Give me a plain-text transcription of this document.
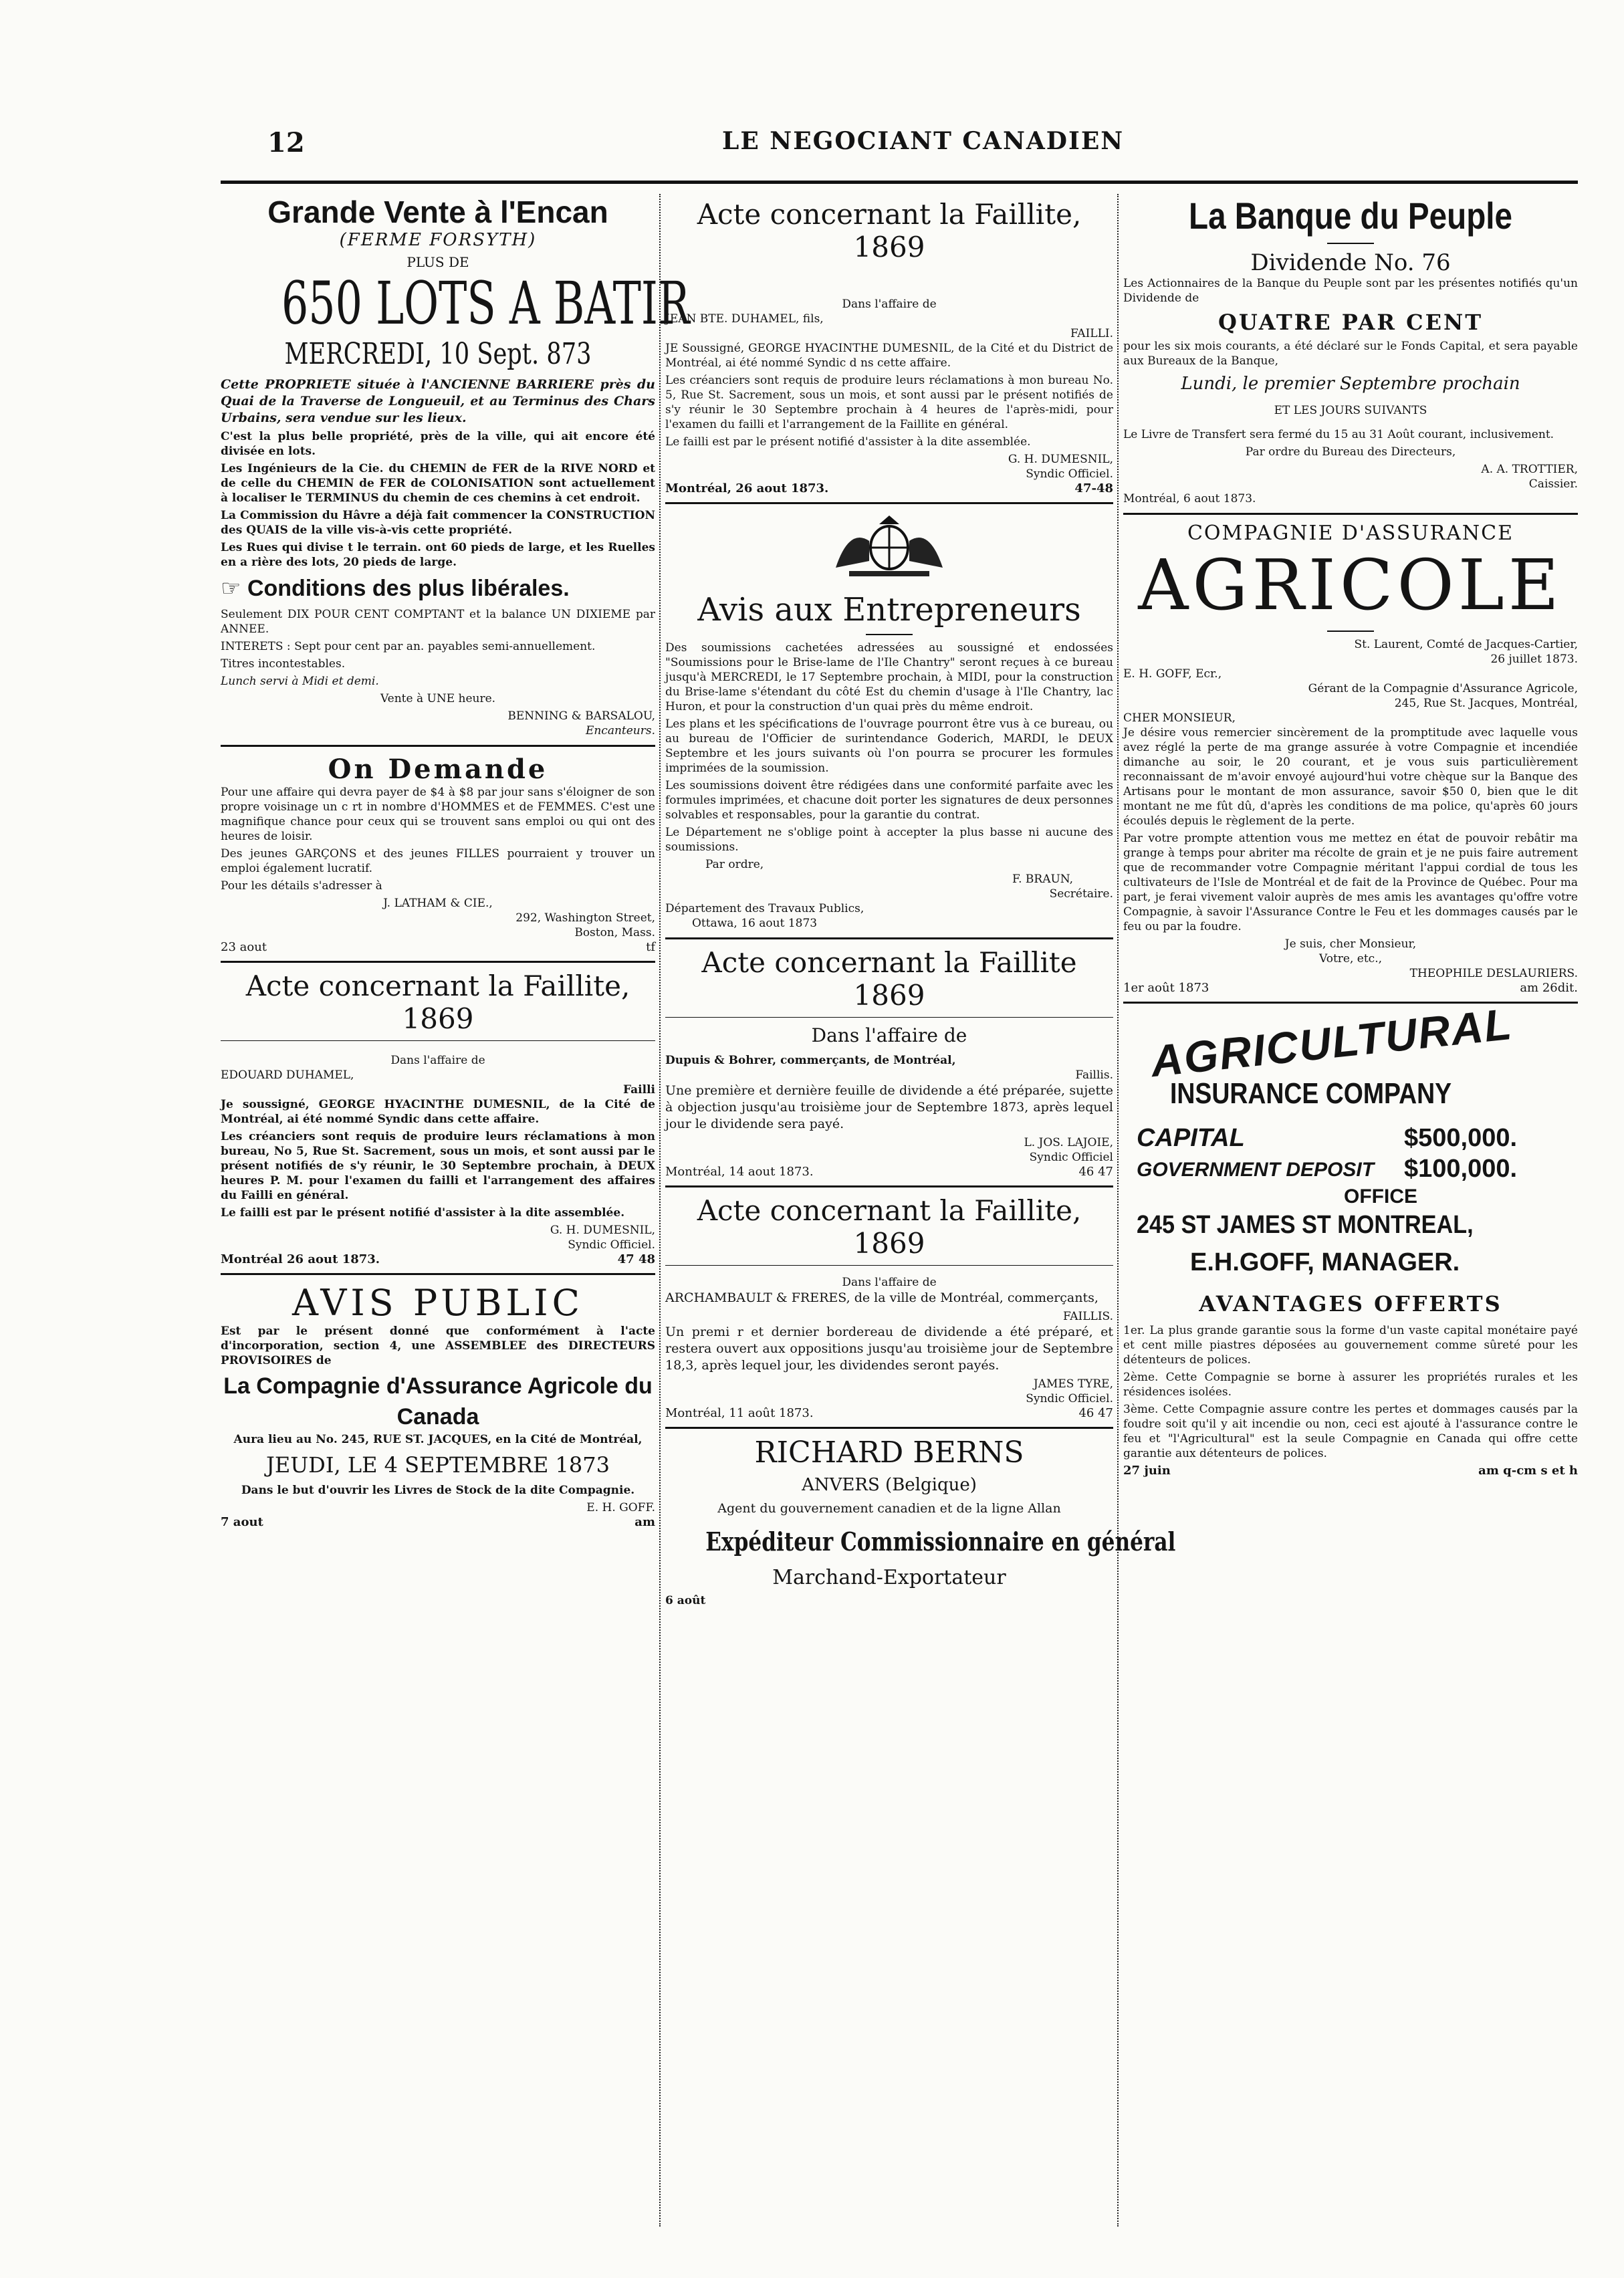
12	LE NEGOCIANT CANADIEN
Grande Vente à l'Encan
(FERME FORSYTH)
PLUS DE
650 LOTS A BATIR
MERCREDI, 10 Sept. 873

Cette PROPRIETE située à l'ANCIENNE BARRIERE près du Quai de la Traverse de Longueuil, et au Terminus des Chars Urbains, sera vendue sur les lieux.

C'est la plus belle propriété, près de la ville, qui ait encore été divisée en lots.

Les Ingénieurs de la Cie. du CHEMIN de FER de la RIVE NORD et de celle du CHEMIN de FER de COLONISATION sont actuellement à localiser le TERMINUS du chemin de ces chemins à cet endroit.

La Commission du Hâvre a déjà fait commencer la CONSTRUCTION des QUAIS de la ville vis-à-vis cette propriété.

Les Rues qui divise t le terrain. ont 60 pieds de large, et les Ruelles en a rière des lots, 20 pieds de large.

☞ Conditions des plus libérales.

Seulement DIX POUR CENT COMPTANT et la balance UN DIXIEME par ANNEE.

INTERETS : Sept pour cent par an. payables semi-annuellement.

Titres incontestables.

Lunch servi à Midi et demi.

Vente à UNE heure.

BENNING & BARSALOU,
Encanteurs.
On Demande

Pour une affaire qui devra payer de $4 à $8 par jour sans s'éloigner de son propre voisinage un c rt in nombre d'HOMMES et de FEMMES. C'est une magnifique chance pour ceux qui se trouvent sans emploi ou qui ont des heures de loisir.

Des jeunes GARÇONS et des jeunes FILLES pourraient y trouver un emploi également lucratif.

Pour les détails s'adresser à

J. LATHAM & CIE.,
292, Washington Street,
Boston, Mass.
23 aout	tf
Acte concernant la Faillite, 1869
Dans l'affaire de
EDOUARD DUHAMEL,
Failli

Je soussigné, GEORGE HYACINTHE DUMESNIL, de la Cité de Montréal, ai été nommé Syndic dans cette affaire.

Les créanciers sont requis de produire leurs réclamations à mon bureau, No 5, Rue St. Sacrement, sous un mois, et sont aussi par le présent notifiés de s'y réunir, le 30 Septembre prochain, à DEUX heures P. M. pour l'examen du failli et l'arrangement des affaires du Failli en général.

Le failli est par le présent notifié d'assister à la dite assemblée.

G. H. DUMESNIL,
Syndic Officiel.
Montréal 26 aout 1873.	47 48
AVIS PUBLIC

Est par le présent donné que conformément à l'acte d'incorporation, section 4, une ASSEMBLEE des DIRECTEURS PROVISOIRES de

La Compagnie d'Assurance Agricole du Canada

Aura lieu au No. 245, RUE ST. JACQUES, en la Cité de Montréal,

JEUDI, LE 4 SEPTEMBRE 1873

Dans le but d'ouvrir les Livres de Stock de la dite Compagnie.

E. H. GOFF.
7 aout	am
Acte concernant la Faillite, 1869
Dans l'affaire de
JEAN BTE. DUHAMEL, fils,
FAILLI.

JE Soussigné, GEORGE HYACINTHE DUMESNIL, de la Cité et du District de Montréal, ai été nommé Syndic d ns cette affaire.

Les créanciers sont requis de produire leurs réclamations à mon bureau No. 5, Rue St. Sacrement, sous un mois, et sont aussi par le présent notifiés de s'y réunir le 30 Septembre prochain à 4 heures de l'après-midi, pour l'examen du failli et l'arrangement de la Faillite en général.

Le failli est par le présent notifié d'assister à la dite assemblée.

G. H. DUMESNIL,
Syndic Officiel.
Montréal, 26 aout 1873.	47-48
Avis aux Entrepreneurs

Des soumissions cachetées adressées au soussigné et endossées "Soumissions pour le Brise-lame de l'Ile Chantry" seront reçues à ce bureau jusqu'à MERCREDI, le 17 Septembre prochain, à MIDI, pour la construction du Brise-lame s'étendant du côté Est du chemin d'usage à l'Ile Chantry, lac Huron, et pour la construction d'un quai près du même endroit.

Les plans et les spécifications de l'ouvrage pourront être vus à ce bureau, ou au bureau de l'Officier de surintendance Goderich, MARDI, le DEUX Septembre et les jours suivants où l'on pourra se procurer les formules imprimées de la soumission.

Les soumissions doivent être rédigées dans une conformité parfaite avec les formules imprimées, et chacune doit porter les signatures de deux personnes solvables et responsables, pour la garantie du contrat.

Le Département ne s'oblige point à accepter la plus basse ni aucune des soumissions.

Par ordre,
F. BRAUN,
Secrétaire.
Département des Travaux Publics,
Ottawa, 16 aout 1873
Acte concernant la Faillite 1869
Dans l'affaire de
Dupuis & Bohrer, commerçants, de Montréal,
Faillis.

Une première et dernière feuille de dividende a été préparée, sujette à objection jusqu'au troisième jour de Septembre 1873, après lequel jour le dividende sera payé.

L. JOS. LAJOIE,
Syndic Officiel
Montréal, 14 aout 1873.	46 47
Acte concernant la Faillite, 1869
Dans l'affaire de

ARCHAMBAULT & FRERES, de la ville de Montréal, commerçants,

FAILLIS.

Un premi r et dernier bordereau de dividende a été préparé, et restera ouvert aux oppositions jusqu'au troisième jour de Septembre 18,3, après lequel jour, les dividendes seront payés.

JAMES TYRE,
Syndic Officiel.
Montréal, 11 août 1873.	46 47
RICHARD BERNS
ANVERS (Belgique)

Agent du gouvernement canadien et de la ligne Allan

Expéditeur Commissionnaire en général
Marchand-Exportateur
6 août
La Banque du Peuple
Dividende No. 76

Les Actionnaires de la Banque du Peuple sont par les présentes notifiés qu'un Dividende de

QUATRE PAR CENT

pour les six mois courants, a été déclaré sur le Fonds Capital, et sera payable aux Bureaux de la Banque,

Lundi, le premier Septembre prochain
ET LES JOURS SUIVANTS

Le Livre de Transfert sera fermé du 15 au 31 Août courant, inclusivement.

Par ordre du Bureau des Directeurs,

A. A. TROTTIER,
Caissier.
Montréal, 6 aout 1873.
COMPAGNIE D'ASSURANCE
AGRICOLE
St. Laurent, Comté de Jacques-Cartier,
26 juillet 1873.
E. H. GOFF, Ecr.,
Gérant de la Compagnie d'Assurance Agricole,
245, Rue St. Jacques, Montréal,
CHER MONSIEUR,

Je désire vous remercier sincèrement de la promptitude avec laquelle vous avez réglé la perte de ma grange assurée à votre Compagnie et incendiée dimanche au soir, le 20 courant, et je vous suis particulièrement reconnaissant de m'avoir envoyé aujourd'hui votre chèque sur la Banque des Artisans pour le montant de mon assurance, savoir $50 0, bien que le dit montant ne me fût dû, d'après les conditions de ma police, qu'après 60 jours écoulés depuis le règlement de la perte.

Par votre prompte attention vous me mettez en état de pouvoir rebâtir ma grange à temps pour abriter ma récolte de grain et je ne puis faire autrement que de recommander votre Compagnie méritant l'appui cordial de tous les cultivateurs de l'Isle de Montréal et de fait de la Province de Québec. Pour ma part, je ferai vivement valoir auprès de mes amis les avantages qu'offre votre Compagnie, à savoir l'Assurance Contre le Feu et les dommages causés par le feu ou par la foudre.

Je suis, cher Monsieur,
Votre, etc.,
THEOPHILE DESLAURIERS.
1er août 1873	am 26dit.
AGRICULTURAL
INSURANCE COMPANY
CAPITAL	$500,000.
GOVERNMENT DEPOSIT $100,000.
OFFICE
245 ST JAMES ST MONTREAL,
E.H.GOFF, MANAGER.
AVANTAGES OFFERTS

1er. La plus grande garantie sous la forme d'un vaste capital monétaire payé et cent mille piastres déposées au gouvernement comme sûreté pour les détenteurs de polices.

2ème. Cette Compagnie se borne à assurer les propriétés rurales et les résidences isolées.

3ème. Cette Compagnie assure contre les pertes et dommages causés par la foudre soit qu'il y ait incendie ou non, ceci est ajouté à l'assurance contre le feu et "l'Agricultural" est la seule Compagnie en Canada qui offre cette garantie aux détenteurs de polices.

27 juin	am q-cm s et h
